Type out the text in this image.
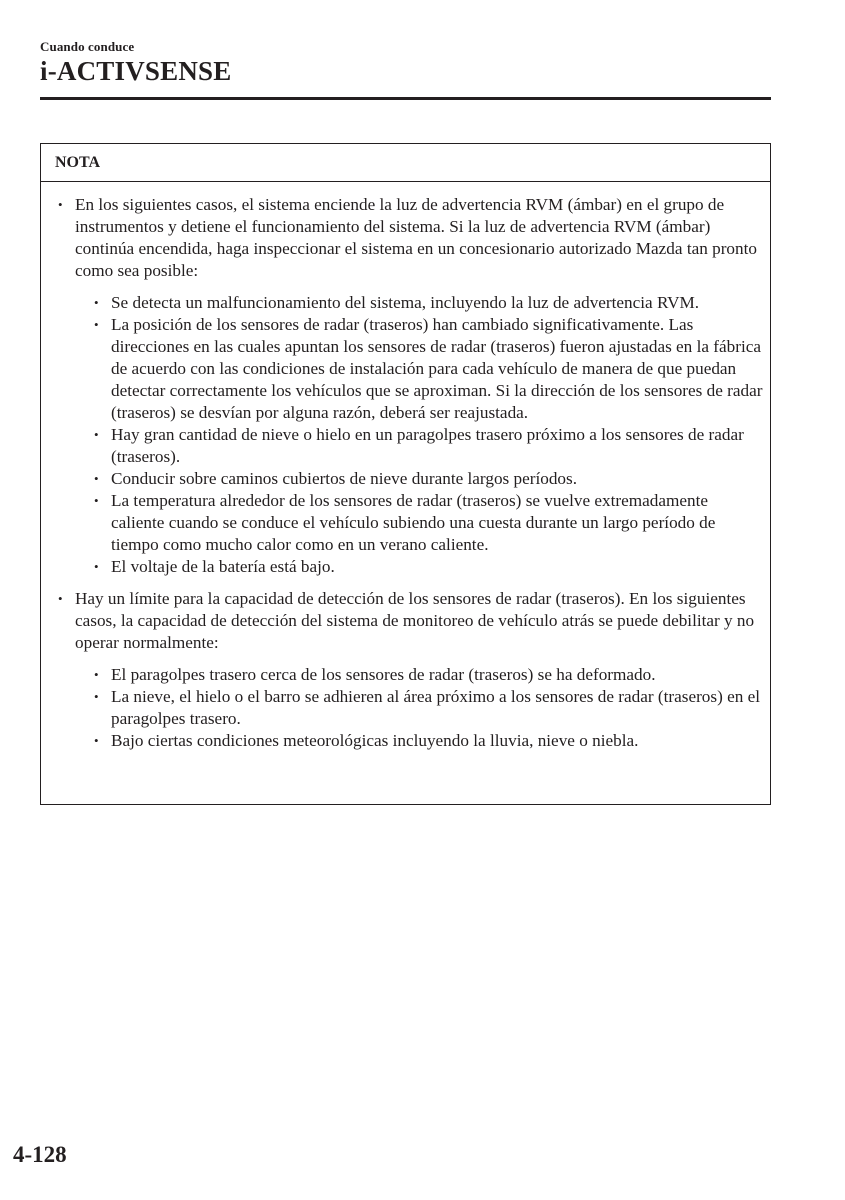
Cuando conduce
i-ACTIVSENSE
NOTA
• En los siguientes casos, el sistema enciende la luz de advertencia RVM (ámbar) en el grupo de instrumentos y detiene el funcionamiento del sistema. Si la luz de advertencia RVM (ámbar) continúa encendida, haga inspeccionar el sistema en un concesionario autorizado Mazda tan pronto como sea posible:
• Se detecta un malfuncionamiento del sistema, incluyendo la luz de advertencia RVM.
• La posición de los sensores de radar (traseros) han cambiado significativamente. Las direcciones en las cuales apuntan los sensores de radar (traseros) fueron ajustadas en la fábrica de acuerdo con las condiciones de instalación para cada vehículo de manera de que puedan detectar correctamente los vehículos que se aproximan. Si la dirección de los sensores de radar (traseros) se desvían por alguna razón, deberá ser reajustada.
• Hay gran cantidad de nieve o hielo en un paragolpes trasero próximo a los sensores de radar (traseros).
• Conducir sobre caminos cubiertos de nieve durante largos períodos.
• La temperatura alrededor de los sensores de radar (traseros) se vuelve extremadamente caliente cuando se conduce el vehículo subiendo una cuesta durante un largo período de tiempo como mucho calor como en un verano caliente.
• El voltaje de la batería está bajo.
• Hay un límite para la capacidad de detección de los sensores de radar (traseros). En los siguientes casos, la capacidad de detección del sistema de monitoreo de vehículo atrás se puede debilitar y no operar normalmente:
• El paragolpes trasero cerca de los sensores de radar (traseros) se ha deformado.
• La nieve, el hielo o el barro se adhieren al área próximo a los sensores de radar (traseros) en el paragolpes trasero.
• Bajo ciertas condiciones meteorológicas incluyendo la lluvia, nieve o niebla.
4-128
